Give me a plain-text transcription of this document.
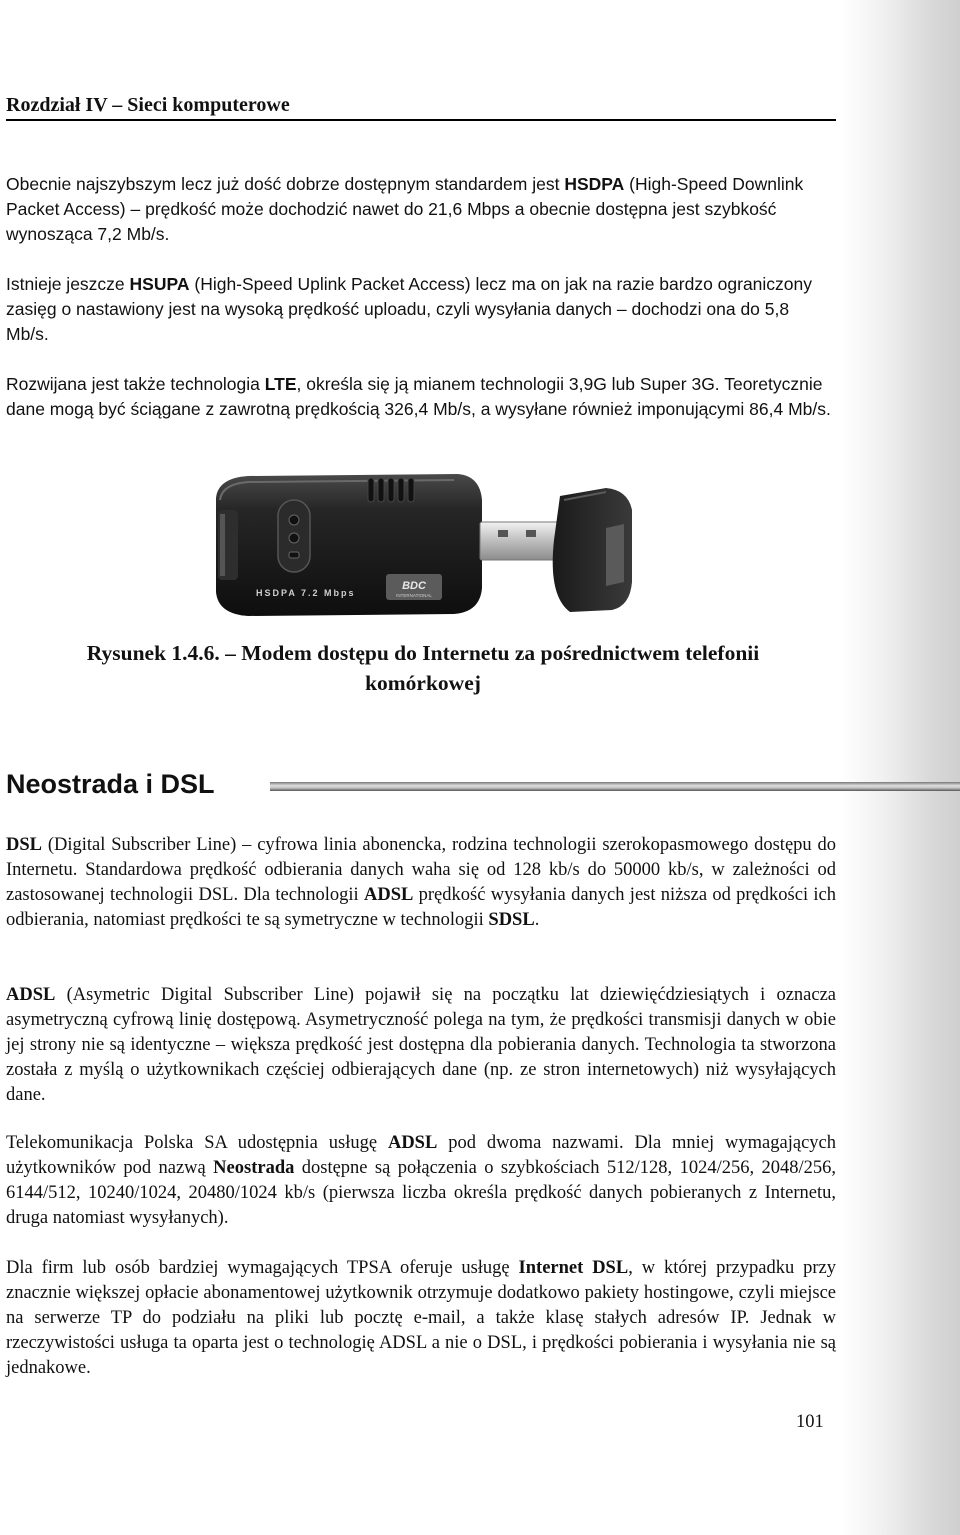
Rozdział IV – Sieci komputerowe

Obecnie najszybszym lecz już dość dobrze dostępnym standardem jest HSDPA (High-Speed Downlink Packet Access) – prędkość może dochodzić nawet do 21,6 Mbps a obecnie dostępna jest szybkość wynosząca 7,2 Mb/s.

Istnieje jeszcze HSUPA (High-Speed Uplink Packet Access) lecz ma on jak na razie bardzo ograniczony zasięg o nastawiony jest na wysoką prędkość uploadu, czyli wysyłania danych – dochodzi ona do 5,8 Mb/s.

Rozwijana jest także technologia LTE, określa się ją mianem technologii 3,9G lub Super 3G. Teoretycznie dane mogą być ściągane z zawrotną prędkością 326,4 Mb/s, a wysyłane również imponującymi 86,4 Mb/s.

BDC
INTERNATIONAL
HSDPA 7.2 Mbps
Rysunek 1.4.6. – Modem dostępu do Internetu za pośrednictwem telefonii
komórkowej
Neostrada i DSL

DSL (Digital Subscriber Line) – cyfrowa linia abonencka, rodzina technologii szerokopasmowego dostępu do Internetu. Standardowa prędkość odbierania danych waha się od 128 kb/s do 50000 kb/s, w zależności od zastosowanej technologii DSL. Dla technologii ADSL prędkość wysyłania danych jest niższa od prędkości ich odbierania, natomiast prędkości te są symetryczne w technologii SDSL.

ADSL (Asymetric Digital Subscriber Line) pojawił się na początku lat dziewięćdziesiątych i oznacza asymetryczną cyfrową linię dostępową. Asymetryczność polega na tym, że prędkości transmisji danych w obie jej strony nie są identyczne – większa prędkość jest dostępna dla pobierania danych. Technologia ta stworzona została z myślą o użytkownikach częściej odbierających dane (np. ze stron internetowych) niż wysyłających dane.

Telekomunikacja Polska SA udostępnia usługę ADSL pod dwoma nazwami. Dla mniej wymagających użytkowników pod nazwą Neostrada dostępne są połączenia o szybkościach 512/128, 1024/256, 2048/256, 6144/512, 10240/1024, 20480/1024 kb/s (pierwsza liczba określa prędkość danych pobieranych z Internetu, druga natomiast wysyłanych).

Dla firm lub osób bardziej wymagających TPSA oferuje usługę Internet DSL, w której przypadku przy znacznie większej opłacie abonamentowej użytkownik otrzymuje dodatkowo pakiety hostingowe, czyli miejsce na serwerze TP do podziału na pliki lub pocztę e-mail, a także klasę stałych adresów IP. Jednak w rzeczywistości usługa ta oparta jest o technologię ADSL a nie o DSL, i prędkości pobierania i wysyłania nie są jednakowe.

101
